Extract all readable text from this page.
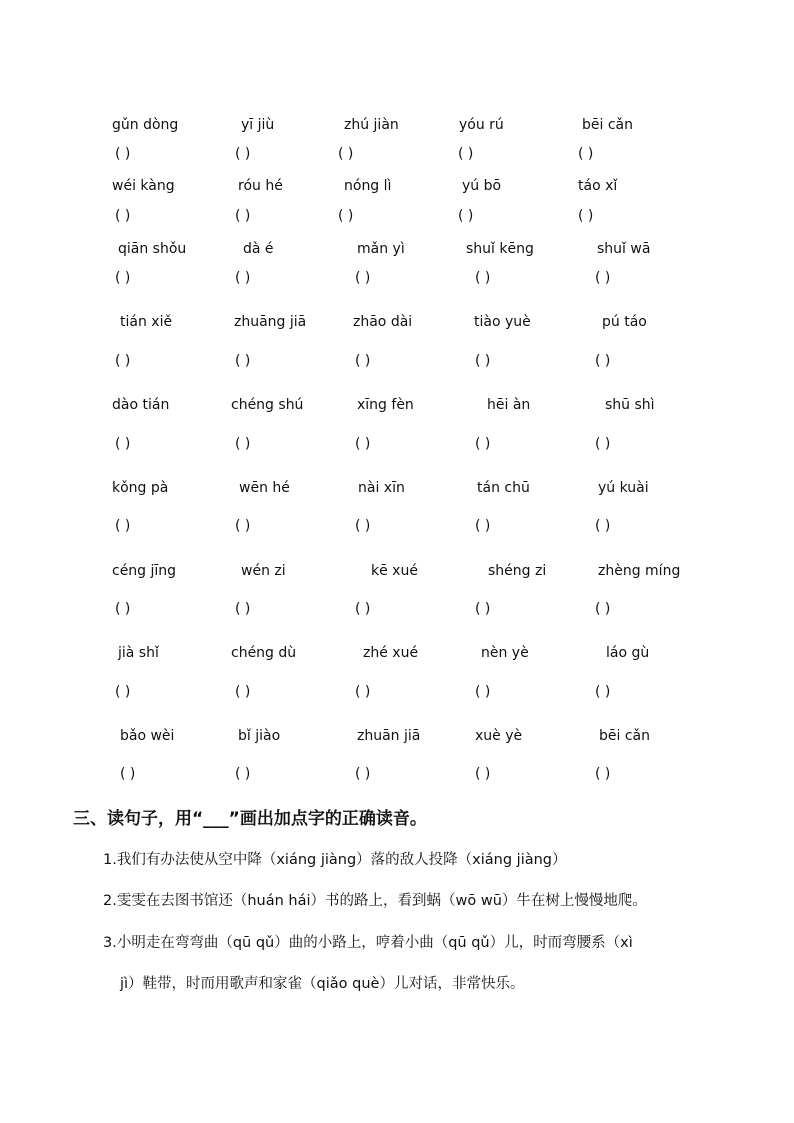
gǔn dòng	yī jiù	zhú jiàn	yóu rú	bēi cǎn
( )	( )	( )	( )	( )
wéi kàng	róu hé	nóng lì	yú bō	táo xǐ
( )	( )	( )	( )	( )
qiān shǒu	dà é	mǎn yì	shuǐ kēng	shuǐ wā
( )	( )	( )	( )	( )
tián xiě	zhuāng jiā	zhāo dài	tiào yuè	pú táo
( )	( )	( )	( )	( )
dào tián	chéng shú	xīng fèn	hēi àn	shū shì
( )	( )	( )	( )	( )
kǒng pà	wēn hé	nài xīn	tán chū	yú kuài
( )	( )	( )	( )	( )
céng jīng	wén zi	kē xué	shéng zi	zhèng míng
( )	( )	( )	( )	( )
jià shǐ	chéng dù	zhé xué	nèn yè	láo gù
( )	( )	( )	( )	( )
bǎo wèi	bǐ jiào	zhuān jiā	xuè yè	bēi cǎn
( )	( )	( )	( )	( )
三、读句子，用“___”画出加点字的正确读音。
1.我们有办法使从空中降（xiáng jiàng）落的敌人投降（xiáng jiàng）
2.雯雯在去图书馆还（huán hái）书的路上，看到蜗（wō wū）牛在树上慢慢地爬。
3.小明走在弯弯曲（qū qǔ）曲的小路上，哼着小曲（qū qǔ）儿，时而弯腰系（xì
jì）鞋带，时而用歌声和家雀（qiǎo què）儿对话，非常快乐。
